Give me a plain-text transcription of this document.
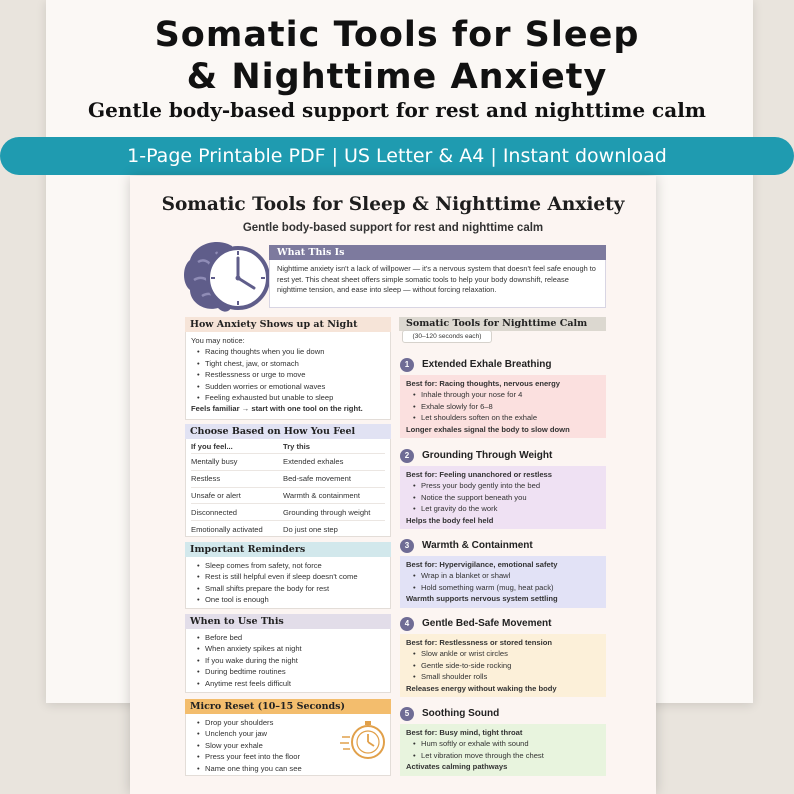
Somatic Tools for Sleep
& Nighttime Anxiety
Gentle body-based support for rest and nighttime calm
1-Page Printable PDF | US Letter & A4 | Instant download
Somatic Tools for Sleep & Nighttime Anxiety
Gentle body-based support for rest and nighttime calm
What This Is
Nighttime anxiety isn't a lack of willpower — it's a nervous system that doesn't feel safe enough to rest yet. This cheat sheet offers simple somatic tools to help your body downshift, release nighttime tension, and ease into sleep — without forcing relaxation.
How Anxiety Shows up at Night
You may notice:
• Racing thoughts when you lie down
• Tight chest, jaw, or stomach
• Restlessness or urge to move
• Sudden worries or emotional waves
• Feeling exhausted but unable to sleep
Feels familiar → start with one tool on the right.
Choose Based on How You Feel
If you feel...	Try this
Mentally busy	Extended exhales
Restless	Bed-safe movement
Unsafe or alert	Warmth & containment
Disconnected	Grounding through weight
Emotionally activated	Do just one step
Important Reminders
• Sleep comes from safety, not force
• Rest is still helpful even if sleep doesn't come
• Small shifts prepare the body for rest
• One tool is enough
When to Use This
• Before bed
• When anxiety spikes at night
• If you wake during the night
• During bedtime routines
• Anytime rest feels difficult
Micro Reset (10–15 Seconds)
• Drop your shoulders
• Unclench your jaw
• Slow your exhale
• Press your feet into the floor
• Name one thing you can see
Somatic Tools for Nighttime Calm
(30–120 seconds each)
1	Extended Exhale Breathing
Best for: Racing thoughts, nervous energy
• Inhale through your nose for 4
• Exhale slowly for 6–8
• Let shoulders soften on the exhale
Longer exhales signal the body to slow down
2	Grounding Through Weight
Best for: Feeling unanchored or restless
• Press your body gently into the bed
• Notice the support beneath you
• Let gravity do the work
Helps the body feel held
3	Warmth & Containment
Best for: Hypervigilance, emotional safety
• Wrap in a blanket or shawl
• Hold something warm (mug, heat pack)
Warmth supports nervous system settling
4	Gentle Bed-Safe Movement
Best for: Restlessness or stored tension
• Slow ankle or wrist circles
• Gentle side-to-side rocking
• Small shoulder rolls
Releases energy without waking the body
5	Soothing Sound
Best for: Busy mind, tight throat
• Hum softly or exhale with sound
• Let vibration move through the chest
Activates calming pathways
